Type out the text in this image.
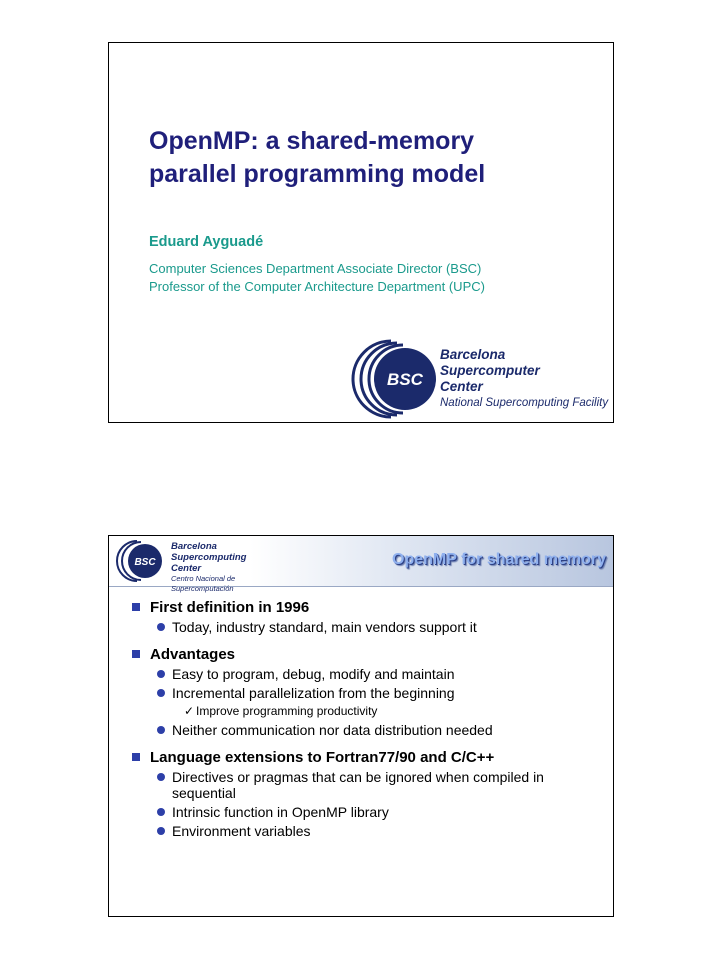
OpenMP: a shared-memory
parallel programming model
Eduard Ayguadé
Computer Sciences Department Associate Director (BSC)
Professor of the Computer Architecture Department (UPC)
BSC
Barcelona
Supercomputer
Center
National Supercomputing Facility
BSC
Barcelona
Supercomputing
Center
Centro Nacional de Supercomputación
OpenMP for shared memory
First definition in 1996
Today, industry standard, main vendors support it
Advantages
Easy to program, debug, modify and maintain
Incremental parallelization from the beginning
✓ Improve programming productivity
Neither communication nor data distribution needed
Language extensions to Fortran77/90 and C/C++
Directives or pragmas that can be ignored when compiled in sequential
Intrinsic function in OpenMP library
Environment variables
